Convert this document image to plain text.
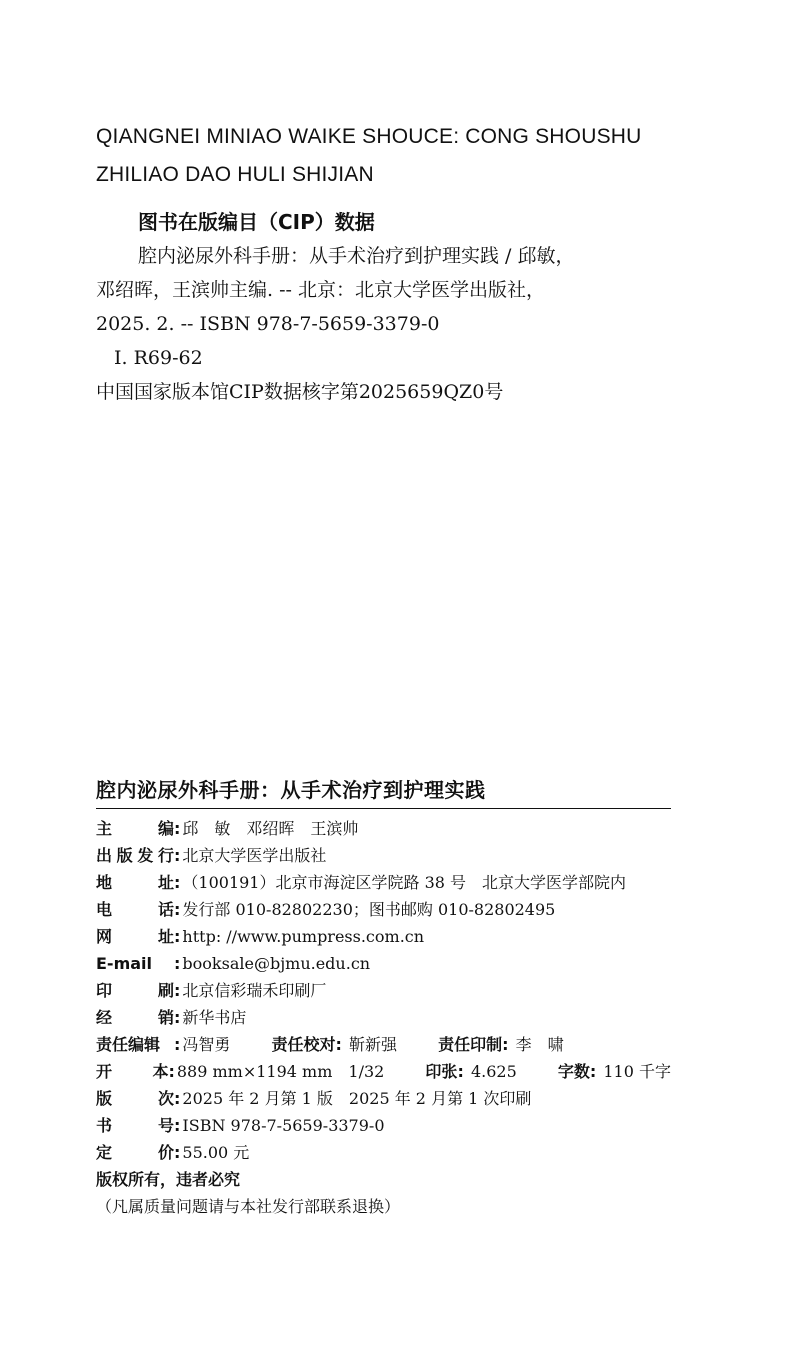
QIANGNEI MINIAO WAIKE SHOUCE: CONG SHOUSHU
ZHILIAO DAO HULI SHIJIAN
图书在版编目（CIP）数据
腔内泌尿外科手册：从手术治疗到护理实践 / 邱敏，
邓绍晖，王滨帅主编. -- 北京：北京大学医学出版社，
2025. 2. -- ISBN 978-7-5659-3379-0
Ⅰ. R69-62
中国国家版本馆CIP数据核字第2025659QZ0号
腔内泌尿外科手册：从手术治疗到护理实践
主	编 : 邱　敏　邓绍晖　王滨帅
出 版 发 行 : 北京大学医学出版社
地	址 : （100191）北京市海淀区学院路 38 号　北京大学医学部院内
电	话 : 发行部 010-82802230；图书邮购 010-82802495
网	址 : http: //www.pumpress.com.cn
E-mail : booksale@bjmu.edu.cn
印	刷 : 北京信彩瑞禾印刷厂
经	销 : 新华书店
责任编辑 : 冯智勇	责任校对: 靳新强	责任印制: 李　啸
开	本 : 889 mm×1194 mm　1/32	印张: 4.625	字数: 110 千字
版	次 : 2025 年 2 月第 1 版　2025 年 2 月第 1 次印刷
书	号 : ISBN 978-7-5659-3379-0
定	价 : 55.00 元
版权所有，违者必究
（凡属质量问题请与本社发行部联系退换）
